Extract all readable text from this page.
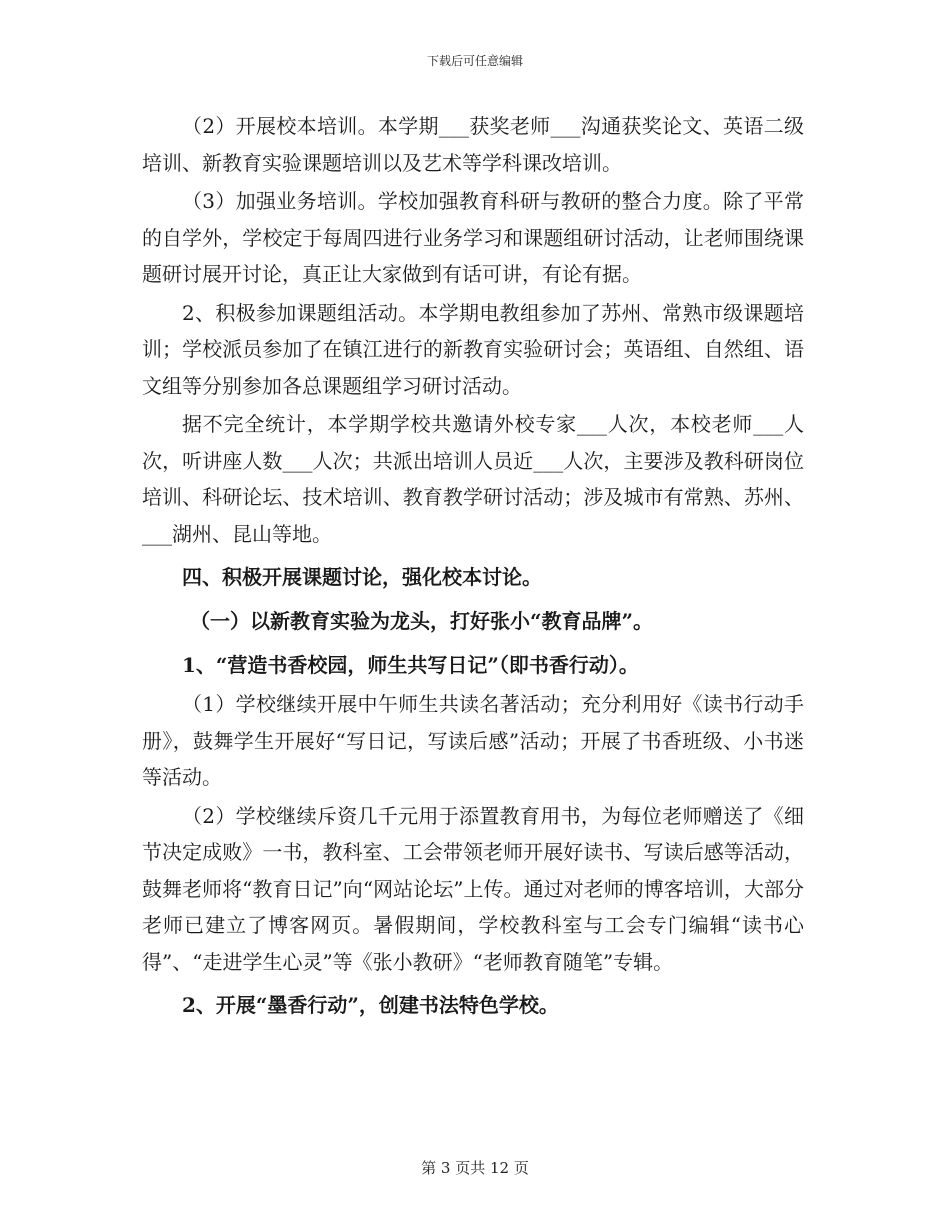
下载后可任意编辑

（2）开展校本培训。本学期___获奖老师___沟通获奖论文、英语二级培训、新教育实验课题培训以及艺术等学科课改培训。

（3）加强业务培训。学校加强教育科研与教研的整合力度。除了平常的自学外，学校定于每周四进行业务学习和课题组研讨活动，让老师围绕课题研讨展开讨论，真正让大家做到有话可讲，有论有据。

2、积极参加课题组活动。本学期电教组参加了苏州、常熟市级课题培训；学校派员参加了在镇江进行的新教育实验研讨会；英语组、自然组、语文组等分别参加各总课题组学习研讨活动。

据不完全统计，本学期学校共邀请外校专家___人次，本校老师___人次，听讲座人数___人次；共派出培训人员近___人次，主要涉及教科研岗位培训、科研论坛、技术培训、教育教学研讨活动；涉及城市有常熟、苏州、___湖州、昆山等地。

四、积极开展课题讨论，强化校本讨论。

（一）以新教育实验为龙头，打好张小“教育品牌”。

1、“营造书香校园，师生共写日记”（即书香行动）。

（1）学校继续开展中午师生共读名著活动；充分利用好《读书行动手册》，鼓舞学生开展好“写日记，写读后感”活动；开展了书香班级、小书迷等活动。

（2）学校继续斥资几千元用于添置教育用书，为每位老师赠送了《细节决定成败》一书，教科室、工会带领老师开展好读书、写读后感等活动，鼓舞老师将“教育日记”向“网站论坛”上传。通过对老师的博客培训，大部分老师已建立了博客网页。暑假期间，学校教科室与工会专门编辑“读书心得”、“走进学生心灵”等《张小教研》“老师教育随笔”专辑。

2、开展“墨香行动”，创建书法特色学校。

第 3 页共 12 页
